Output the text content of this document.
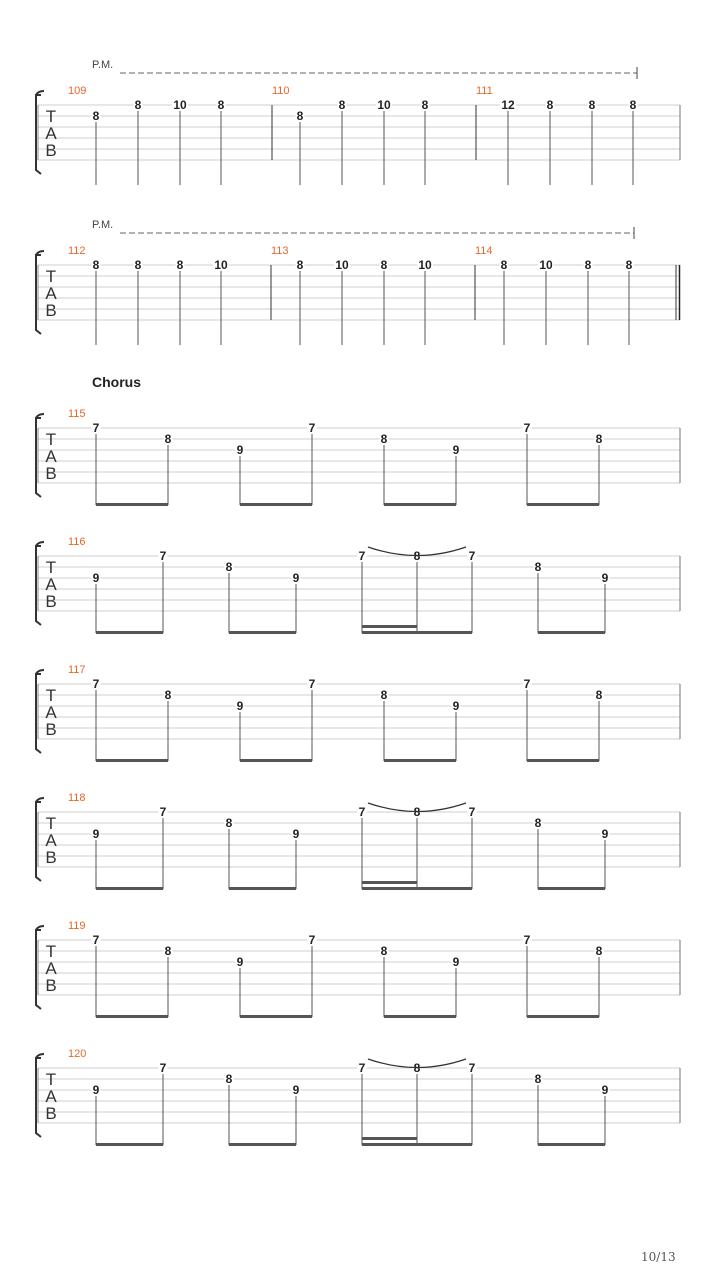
P.M.
T
A
B
109
8
8	10	8
110
8
8	10	8
111
12	8	8	8
P.M.
T
A
B
112
8	8	8	10
113
8	10	8	10
114
8	10	8	8
Chorus
T
A
B
115
7
8
9
7
8
9
7
8
T
A
B
116
9
7
8
9
7	8	7
8
9
T
A
B
117
7
8
9
7
8
9
7
8
T
A
B
118
9
7
8
9
7	8	7
8
9
T
A
B
119
7
8
9
7
8
9
7
8
T
A
B
120
9
7
8
9
7	8	7
8
9
10/13
